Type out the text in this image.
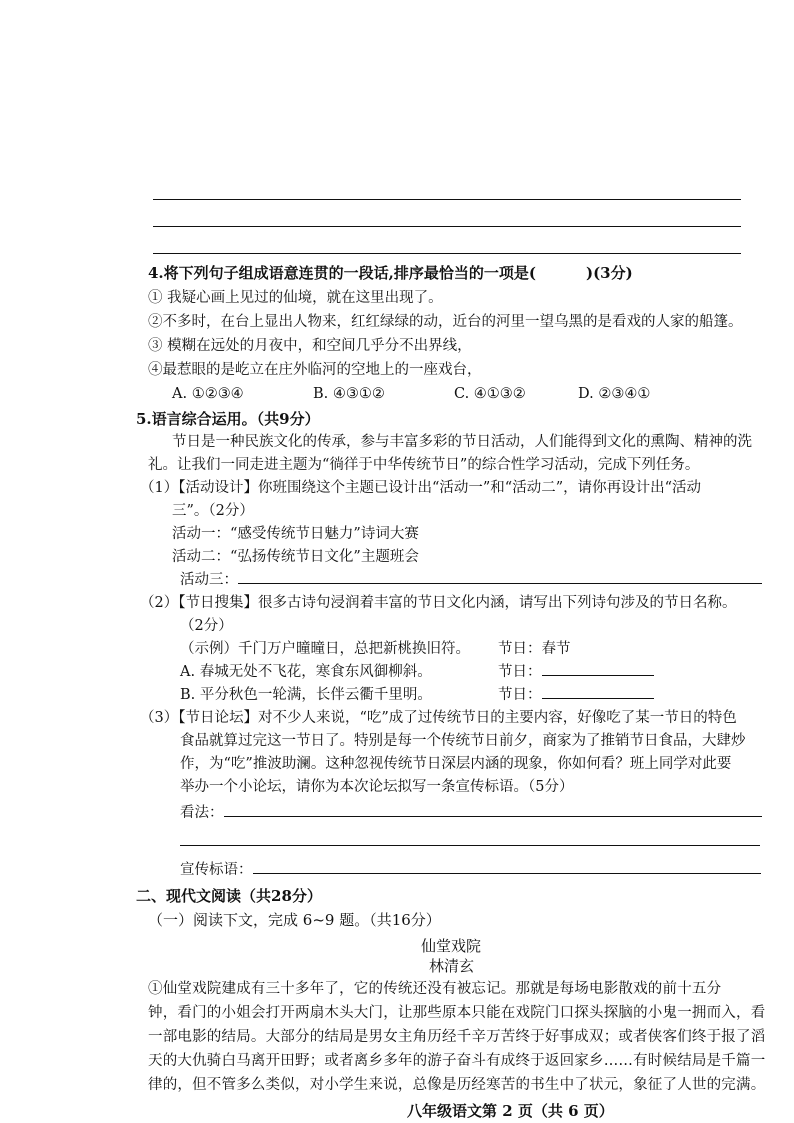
4.将下列句子组成语意连贯的一段话,排序最恰当的一项是(	)(3分)
① 我疑心画上见过的仙境，就在这里出现了。
②不多时，在台上显出人物来，红红绿绿的动，近台的河里一望乌黑的是看戏的人家的船篷。
③ 模糊在远处的月夜中，和空间几乎分不出界线，
④最惹眼的是屹立在庄外临河的空地上的一座戏台，
A. ①②③④	B. ④③①②	C. ④①③②	D. ②③④①
5.语言综合运用。（共9分）
节日是一种民族文化的传承，参与丰富多彩的节日活动，人们能得到文化的熏陶、精神的洗
礼。让我们一同走进主题为“徜徉于中华传统节日”的综合性学习活动，完成下列任务。
（1）【活动设计】你班围绕这个主题已设计出“活动一”和“活动二”，请你再设计出“活动
三”。（2分）
活动一：“感受传统节日魅力”诗词大赛
活动二：“弘扬传统节日文化”主题班会
活动三：
（2）【节日搜集】很多古诗句浸润着丰富的节日文化内涵，请写出下列诗句涉及的节日名称。
（2分）
（示例）千门万户曈曈日，总把新桃换旧符。 节日：春节
A. 春城无处不飞花，寒食东风御柳斜。	节日：
B. 平分秋色一轮满，长伴云衢千里明。	节日：
（3）【节日论坛】对不少人来说，“吃”成了过传统节日的主要内容，好像吃了某一节日的特色
食品就算过完这一节日了。特别是每一个传统节日前夕，商家为了推销节日食品，大肆炒
作，为“吃”推波助澜。这种忽视传统节日深层内涵的现象，你如何看？班上同学对此要
举办一个小论坛，请你为本次论坛拟写一条宣传标语。（5分）
看法：
宣传标语：
二、现代文阅读（共28分）
（一）阅读下文，完成 6~9 题。（共16分）
仙堂戏院
林清玄
①仙堂戏院建成有三十多年了，它的传统还没有被忘记。那就是每场电影散戏的前十五分
钟，看门的小姐会打开两扇木头大门，让那些原本只能在戏院门口探头探脑的小鬼一拥而入，看
一部电影的结局。大部分的结局是男女主角历经千辛万苦终于好事成双；或者侠客们终于报了滔
天的大仇骑白马离开田野；或者离乡多年的游子奋斗有成终于返回家乡……有时候结局是千篇一
律的，但不管多么类似，对小学生来说，总像是历经寒苦的书生中了状元，象征了人世的完满。
八年级语文第 2 页（共 6 页）
